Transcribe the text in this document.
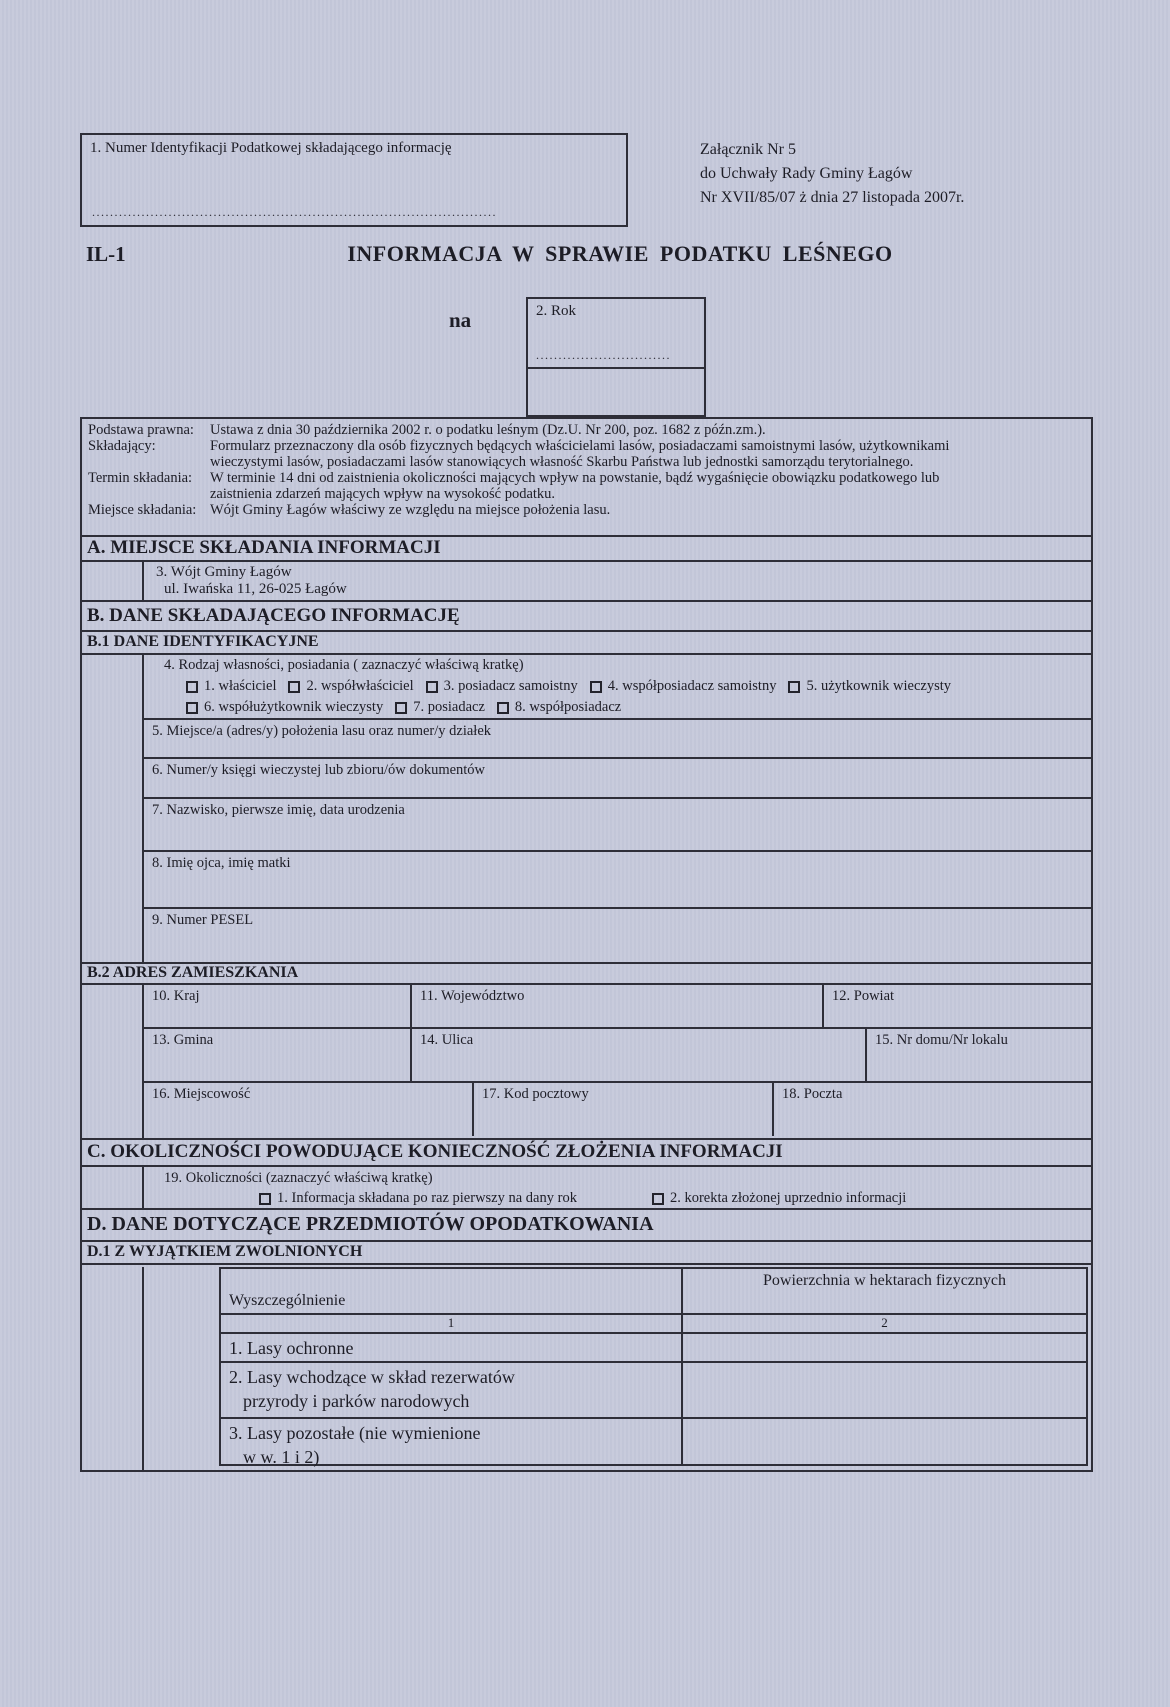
1. Numer Identyfikacji Podatkowej składającego informację
..........................................................................................
Załącznik Nr 5
do Uchwały Rady Gminy Łagów
Nr XVII/85/07 ż dnia 27 listopada 2007r.
IL-1	INFORMACJA W SPRAWIE PODATKU LEŚNEGO
na	2. Rok
..............................
Podstawa prawna:	Ustawa z dnia 30 października 2002 r. o podatku leśnym (Dz.U. Nr 200, poz. 1682 z późn.zm.).
Składający:	Formularz przeznaczony dla osób fizycznych będących właścicielami lasów, posiadaczami samoistnymi lasów, użytkownikami wieczystymi lasów, posiadaczami lasów stanowiących własność Skarbu Państwa lub jednostki samorządu terytorialnego.
Termin składania:	W terminie 14 dni od zaistnienia okoliczności mających wpływ na powstanie, bądź wygaśnięcie obowiązku podatkowego lub zaistnienia zdarzeń mających wpływ na wysokość podatku.
Miejsce składania: Wójt Gminy Łagów właściwy ze względu na miejsce położenia lasu.
A. MIEJSCE SKŁADANIA INFORMACJI
3. Wójt Gminy Łagów
ul. Iwańska 11, 26-025 Łagów
B. DANE SKŁADAJĄCEGO INFORMACJĘ
B.1 DANE IDENTYFIKACYJNE
4. Rodzaj własności, posiadania ( zaznaczyć właściwą kratkę)
1. właściciel 2. współwłaściciel 3. posiadacz samoistny 4. współposiadacz samoistny 5. użytkownik wieczysty
6. współużytkownik wieczysty 7. posiadacz 8. współposiadacz
5. Miejsce/a (adres/y) położenia lasu oraz numer/y działek
6. Numer/y księgi wieczystej lub zbioru/ów dokumentów
7. Nazwisko, pierwsze imię, data urodzenia
8. Imię ojca, imię matki
9. Numer PESEL
B.2 ADRES ZAMIESZKANIA
10. Kraj	11. Województwo	12. Powiat
13. Gmina	14. Ulica	15. Nr domu/Nr lokalu
16. Miejscowość	17. Kod pocztowy	18. Poczta
C. OKOLICZNOŚCI POWODUJĄCE KONIECZNOŚĆ ZŁOŻENIA INFORMACJI
19. Okoliczności (zaznaczyć właściwą kratkę)
1. Informacja składana po raz pierwszy na dany rok	2. korekta złożonej uprzednio informacji
D. DANE DOTYCZĄCE PRZEDMIOTÓW OPODATKOWANIA
D.1 Z WYJĄTKIEM ZWOLNIONYCH
Wyszczególnienie
Powierzchnia w hektarach fizycznych
1	2
1. Lasy ochronne
2. Lasy wchodzące w skład rezerwatów
przyrody i parków narodowych
3. Lasy pozostałe (nie wymienione
w w. 1 i 2)
